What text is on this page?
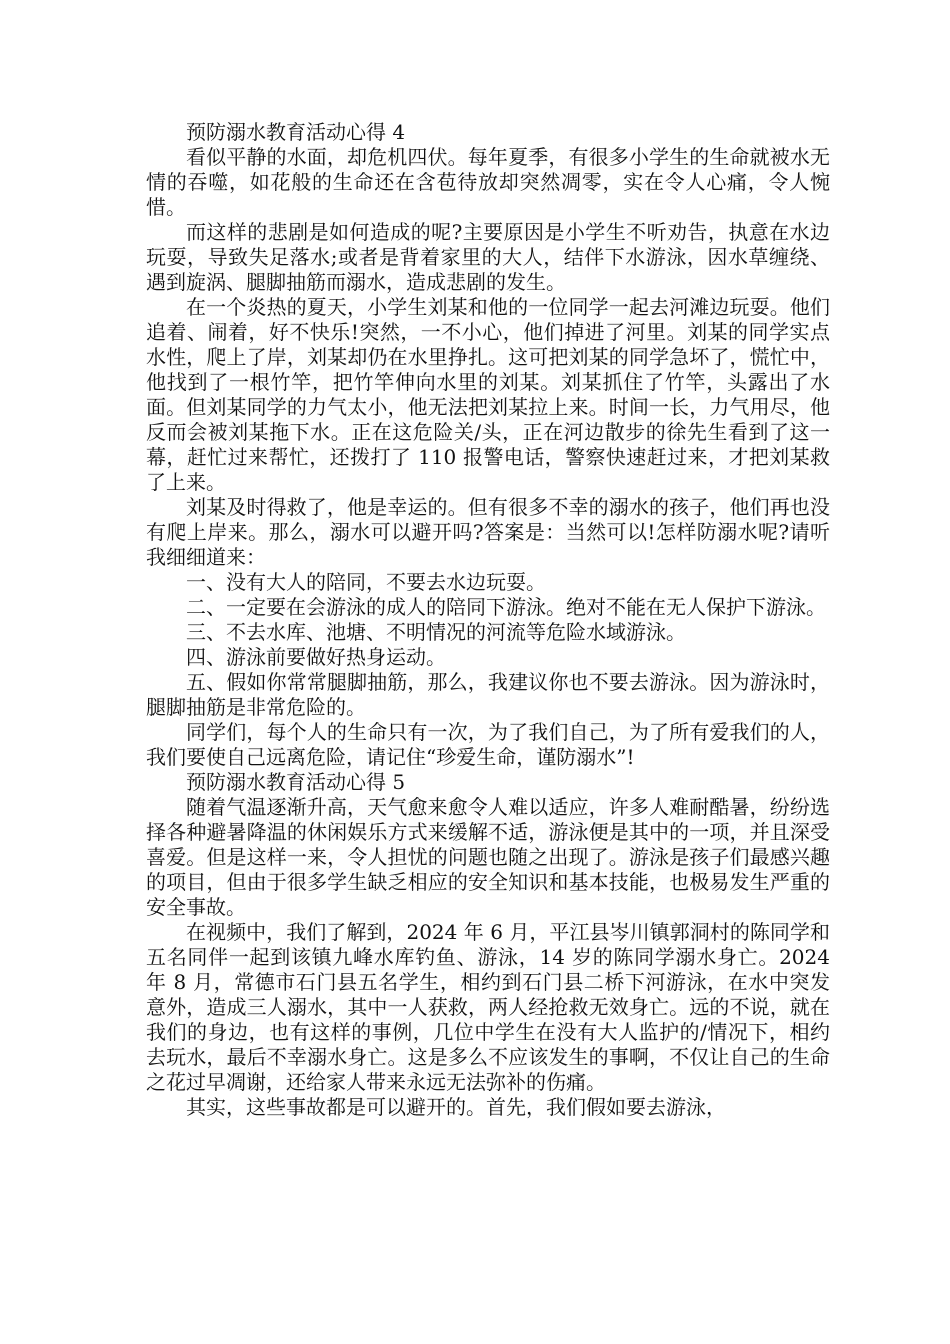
预防溺水教育活动心得 4

看似平静的水面，却危机四伏。每年夏季，有很多小学生的生命就被水无情的吞噬，如花般的生命还在含苞待放却突然凋零，实在令人心痛，令人惋惜。

而这样的悲剧是如何造成的呢?主要原因是小学生不听劝告，执意在水边玩耍，导致失足落水;或者是背着家里的大人，结伴下水游泳，因水草缠绕、遇到旋涡、腿脚抽筋而溺水，造成悲剧的发生。

在一个炎热的夏天，小学生刘某和他的一位同学一起去河滩边玩耍。他们追着、闹着，好不快乐!突然，一不小心，他们掉进了河里。刘某的同学实点水性，爬上了岸，刘某却仍在水里挣扎。这可把刘某的同学急坏了，慌忙中，他找到了一根竹竿，把竹竿伸向水里的刘某。刘某抓住了竹竿，头露出了水面。但刘某同学的力气太小，他无法把刘某拉上来。时间一长，力气用尽，他反而会被刘某拖下水。正在这危险关/头，正在河边散步的徐先生看到了这一幕，赶忙过来帮忙，还拨打了 110 报警电话，警察快速赶过来，才把刘某救了上来。

刘某及时得救了，他是幸运的。但有很多不幸的溺水的孩子，他们再也没有爬上岸来。那么，溺水可以避开吗?答案是：当然可以!怎样防溺水呢?请听我细细道来：

一、没有大人的陪同，不要去水边玩耍。

二、一定要在会游泳的成人的陪同下游泳。绝对不能在无人保护下游泳。

三、不去水库、池塘、不明情况的河流等危险水域游泳。

四、游泳前要做好热身运动。

五、假如你常常腿脚抽筋，那么，我建议你也不要去游泳。因为游泳时，腿脚抽筋是非常危险的。

同学们，每个人的生命只有一次，为了我们自己，为了所有爱我们的人，我们要使自己远离危险，请记住“珍爱生命，谨防溺水”!

预防溺水教育活动心得 5

随着气温逐渐升高，天气愈来愈令人难以适应，许多人难耐酷暑，纷纷选择各种避暑降温的休闲娱乐方式来缓解不适，游泳便是其中的一项，并且深受喜爱。但是这样一来，令人担忧的问题也随之出现了。游泳是孩子们最感兴趣的项目，但由于很多学生缺乏相应的安全知识和基本技能，也极易发生严重的安全事故。

在视频中，我们了解到，2024 年 6 月，平江县岑川镇郭洞村的陈同学和五名同伴一起到该镇九峰水库钓鱼、游泳，14 岁的陈同学溺水身亡。2024 年 8 月，常德市石门县五名学生，相约到石门县二桥下河游泳，在水中突发意外，造成三人溺水，其中一人获救，两人经抢救无效身亡。远的不说，就在我们的身边，也有这样的事例，几位中学生在没有大人监护的/情况下，相约去玩水，最后不幸溺水身亡。这是多么不应该发生的事啊，不仅让自己的生命之花过早凋谢，还给家人带来永远无法弥补的伤痛。

其实，这些事故都是可以避开的。首先，我们假如要去游泳，
